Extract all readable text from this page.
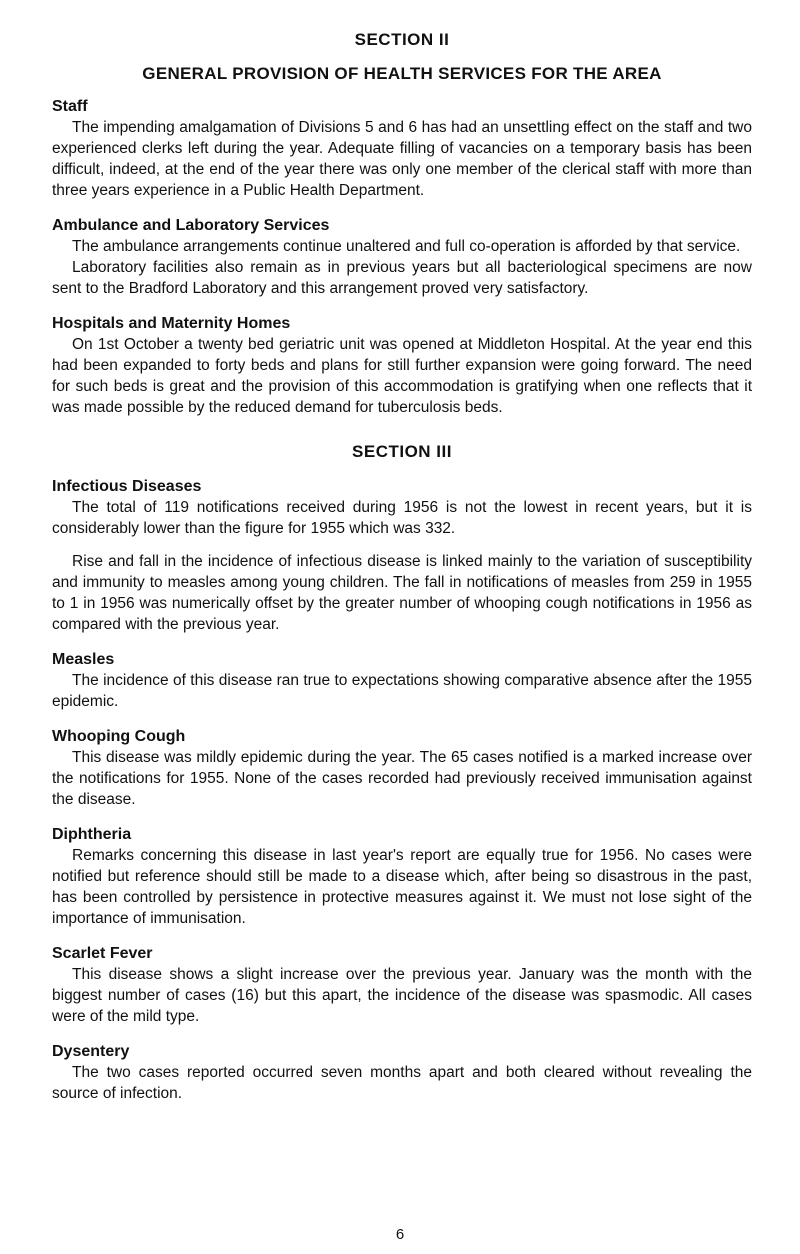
SECTION II
GENERAL PROVISION OF HEALTH SERVICES FOR THE AREA
Staff

The impending amalgamation of Divisions 5 and 6 has had an unsettling effect on the staff and two experienced clerks left during the year. Adequate filling of vacancies on a temporary basis has been difficult, indeed, at the end of the year there was only one member of the clerical staff with more than three years experience in a Public Health Department.

Ambulance and Laboratory Services

The ambulance arrangements continue unaltered and full co-operation is afforded by that service.

Laboratory facilities also remain as in previous years but all bacteriological specimens are now sent to the Bradford Laboratory and this arrangement proved very satisfactory.

Hospitals and Maternity Homes

On 1st October a twenty bed geriatric unit was opened at Middleton Hospital. At the year end this had been expanded to forty beds and plans for still further expansion were going forward. The need for such beds is great and the provision of this accommodation is gratifying when one reflects that it was made possible by the reduced demand for tuberculosis beds.

SECTION III
Infectious Diseases

The total of 119 notifications received during 1956 is not the lowest in recent years, but it is considerably lower than the figure for 1955 which was 332.

Rise and fall in the incidence of infectious disease is linked mainly to the variation of susceptibility and immunity to measles among young children. The fall in notifications of measles from 259 in 1955 to 1 in 1956 was numerically offset by the greater number of whooping cough notifications in 1956 as compared with the previous year.

Measles

The incidence of this disease ran true to expectations showing comparative absence after the 1955 epidemic.

Whooping Cough

This disease was mildly epidemic during the year. The 65 cases notified is a marked increase over the notifications for 1955. None of the cases recorded had previously received immunisation against the disease.

Diphtheria

Remarks concerning this disease in last year's report are equally true for 1956. No cases were notified but reference should still be made to a disease which, after being so disastrous in the past, has been controlled by persistence in protective measures against it. We must not lose sight of the importance of immunisation.

Scarlet Fever

This disease shows a slight increase over the previous year. January was the month with the biggest number of cases (16) but this apart, the incidence of the disease was spasmodic. All cases were of the mild type.

Dysentery

The two cases reported occurred seven months apart and both cleared without revealing the source of infection.

6
